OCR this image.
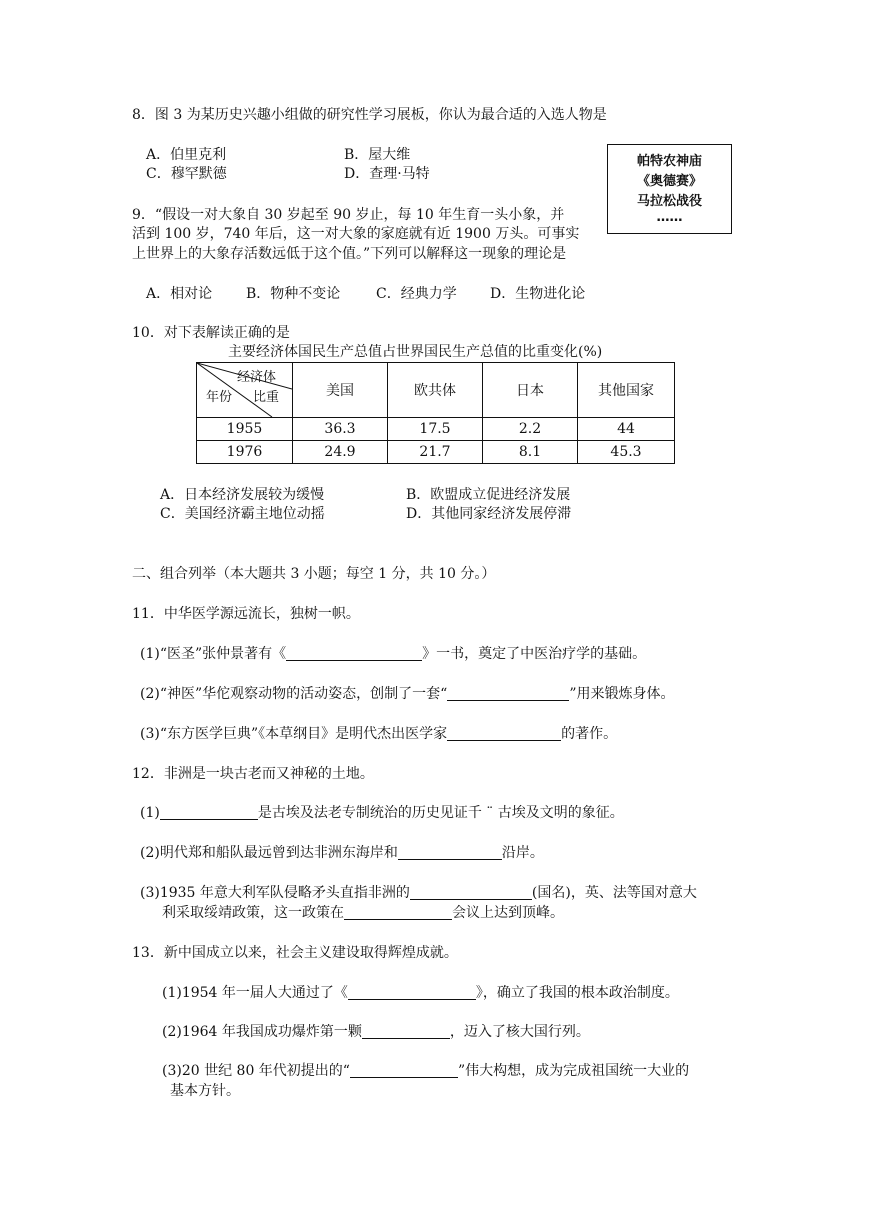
8．图 3 为某历史兴趣小组做的研究性学习展板，你认为最合适的入选人物是
A．伯里克利	B．屋大维
C．穆罕默德	D．查理·马特
帕特农神庙
《奥德赛》
马拉松战役
……
9．“假设一对大象自 30 岁起至 90 岁止，每 10 年生育一头小象，并
活到 100 岁，740 年后，这一对大象的家庭就有近 1900 万头。可事实
上世界上的大象存活数远低于这个值。”下列可以解释这一现象的理论是
A．相对论 B．物种不变论	C．经典力学 D．生物进化论
10．对下表解读正确的是
主要经济体国民生产总值占世界国民生产总值的比重变化(%)
经济体
年份 比重	美国	欧共体	日本	其他国家
1955	36.3	17.5	2.2	44
1976	24.9	21.7	8.1	45.3
A．日本经济发展较为缓慢	B．欧盟成立促进经济发展
C．美国经济霸主地位动摇	D．其他同家经济发展停滞
二、组合列举（本大题共 3 小题；每空 1 分，共 10 分。）
11．中华医学源远流长，独树一帜。
(1)“医圣”张仲景著有《	》一书，奠定了中医治疗学的基础。
(2)“神医”华佗观察动物的活动姿态，创制了一套“	”用来锻炼身体。
(3)“东方医学巨典”《本草纲目》是明代杰出医学家	的著作。
12．非洲是一块古老而又神秘的土地。
(1)	是古埃及法老专制统治的历史见证千 ¨ 古埃及文明的象征。
(2)明代郑和船队最远曾到达非洲东海岸和	沿岸。
(3)1935 年意大利军队侵略矛头直指非洲的	(国名)，英、法等国对意大
利采取绥靖政策，这一政策在	会议上达到顶峰。
13．新中国成立以来，社会主义建设取得辉煌成就。
(1)1954 年一届人大通过了《	》，确立了我国的根本政治制度。
(2)1964 年我国成功爆炸第一颗	，迈入了核大国行列。
(3)20 世纪 80 年代初提出的“	”伟大构想，成为完成祖国统一大业的
基本方针。
